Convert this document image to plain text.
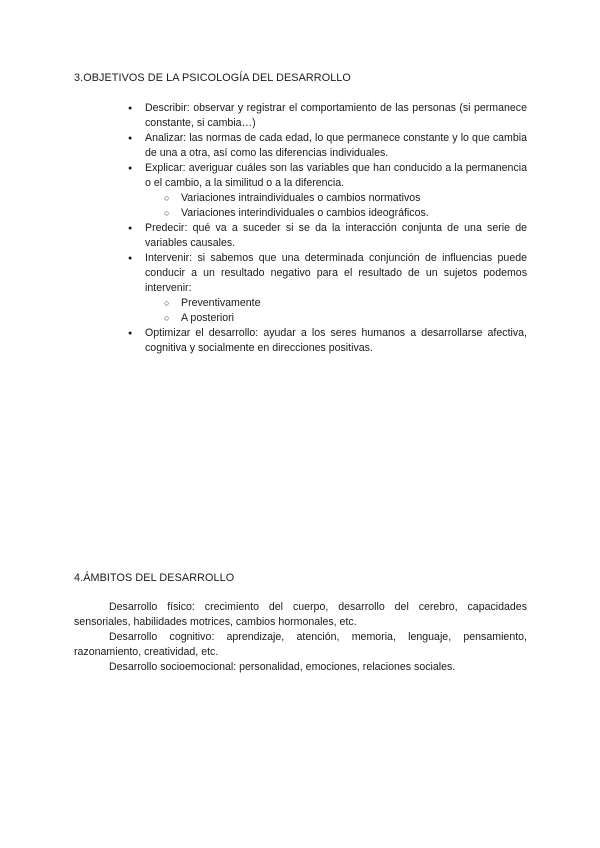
3.OBJETIVOS DE LA PSICOLOGÍA DEL DESARROLLO
● Describir: observar y registrar el comportamiento de las personas (si permanece constante, si cambia…)
● Analizar: las normas de cada edad, lo que permanece constante y lo que cambia de una a otra, así como las diferencias individuales.
● Explicar: averiguar cuáles son las variables que han conducido a la permanencia o el cambio, a la similitud o a la diferencia.
○ Variaciones intraindividuales o cambios normativos
○ Variaciones interindividuales o cambios ideográficos.
● Predecir: qué va a suceder si se da la interacción conjunta de una serie de variables causales.
● Intervenir: si sabemos que una determinada conjunción de influencias puede conducir a un resultado negativo para el resultado de un sujetos podemos intervenir:
○ Preventivamente
○ A posteriori
● Optimizar el desarrollo: ayudar a los seres humanos a desarrollarse afectiva, cognitiva y socialmente en direcciones positivas.
4.ÁMBITOS DEL DESARROLLO

Desarrollo físico: crecimiento del cuerpo, desarrollo del cerebro, capacidades sensoriales, habilidades motrices, cambios hormonales, etc.

Desarrollo cognitivo: aprendizaje, atención, memoria, lenguaje, pensamiento, razonamiento, creatividad, etc.

Desarrollo socioemocional: personalidad, emociones, relaciones sociales.
